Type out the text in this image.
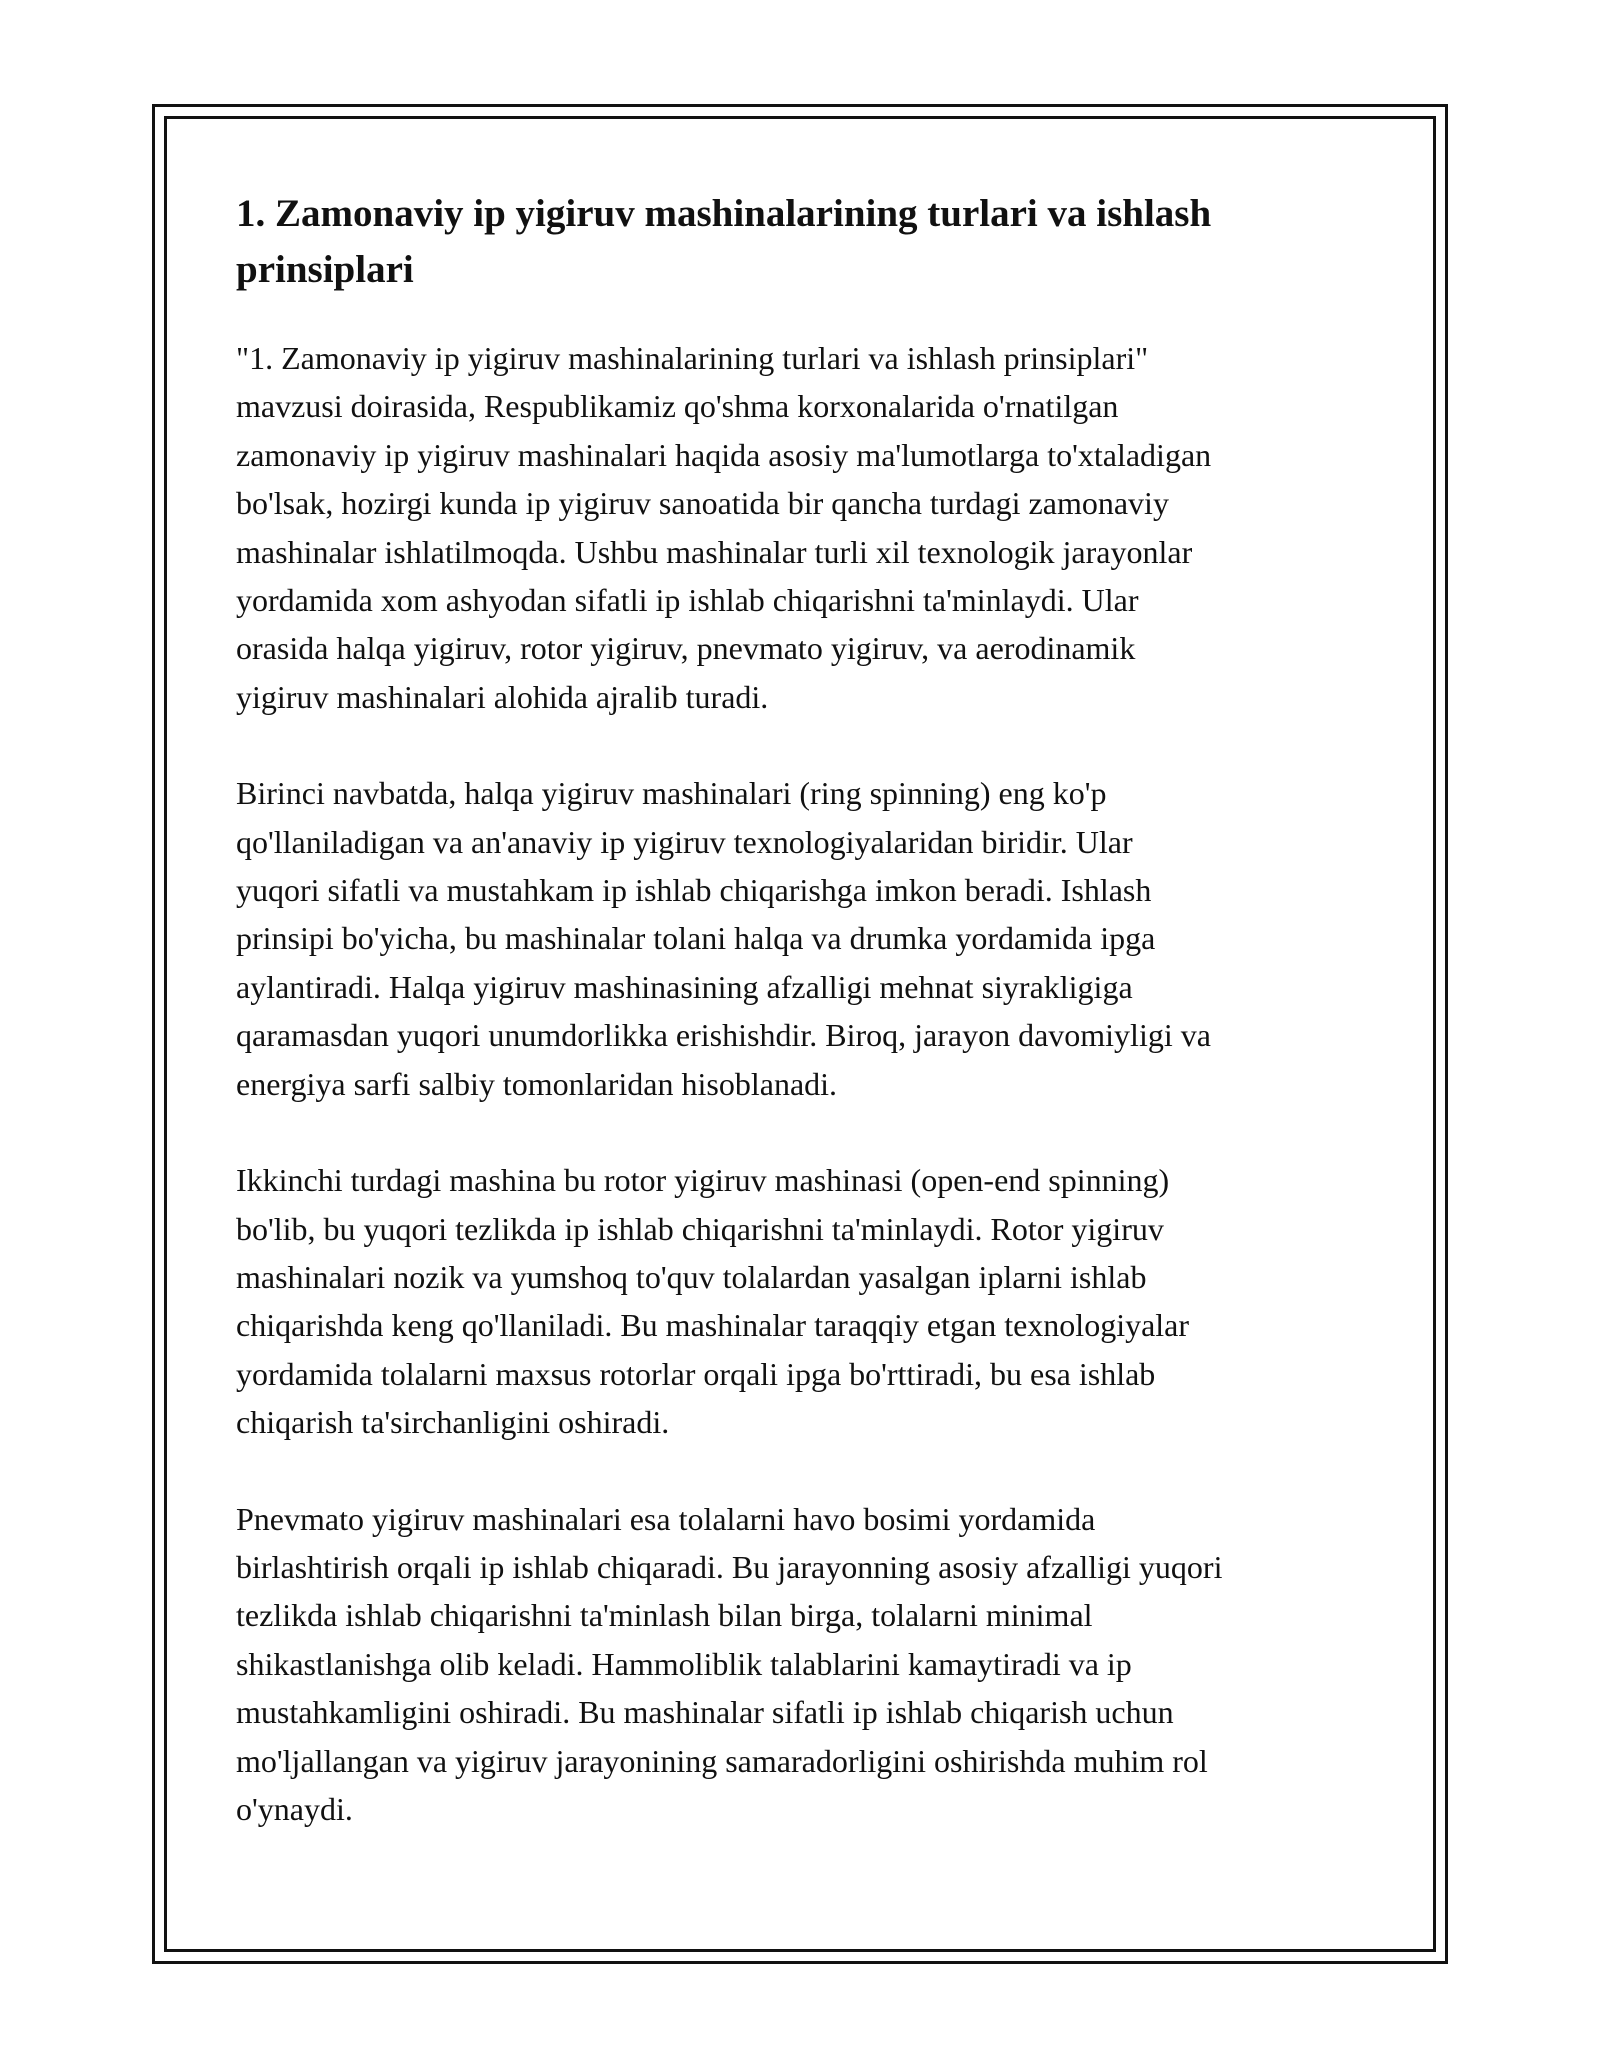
1. Zamonaviy ip yigiruv mashinalarining turlari va ishlash prinsiplari

"1. Zamonaviy ip yigiruv mashinalarining turlari va ishlash prinsiplari"
mavzusi doirasida, Respublikamiz qo'shma korxonalarida o'rnatilgan
zamonaviy ip yigiruv mashinalari haqida asosiy ma'lumotlarga to'xtaladigan
bo'lsak, hozirgi kunda ip yigiruv sanoatida bir qancha turdagi zamonaviy
mashinalar ishlatilmoqda. Ushbu mashinalar turli xil texnologik jarayonlar
yordamida xom ashyodan sifatli ip ishlab chiqarishni ta'minlaydi. Ular
orasida halqa yigiruv, rotor yigiruv, pnevmato yigiruv, va aerodinamik
yigiruv mashinalari alohida ajralib turadi.

Birinci navbatda, halqa yigiruv mashinalari (ring spinning) eng ko'p
qo'llaniladigan va an'anaviy ip yigiruv texnologiyalaridan biridir. Ular
yuqori sifatli va mustahkam ip ishlab chiqarishga imkon beradi. Ishlash
prinsipi bo'yicha, bu mashinalar tolani halqa va drumka yordamida ipga
aylantiradi. Halqa yigiruv mashinasining afzalligi mehnat siyrakligiga
qaramasdan yuqori unumdorlikka erishishdir. Biroq, jarayon davomiyligi va
energiya sarfi salbiy tomonlaridan hisoblanadi.

Ikkinchi turdagi mashina bu rotor yigiruv mashinasi (open-end spinning)
bo'lib, bu yuqori tezlikda ip ishlab chiqarishni ta'minlaydi. Rotor yigiruv
mashinalari nozik va yumshoq to'quv tolalardan yasalgan iplarni ishlab
chiqarishda keng qo'llaniladi. Bu mashinalar taraqqiy etgan texnologiyalar
yordamida tolalarni maxsus rotorlar orqali ipga bo'rttiradi, bu esa ishlab
chiqarish ta'sirchanligini oshiradi.

Pnevmato yigiruv mashinalari esa tolalarni havo bosimi yordamida
birlashtirish orqali ip ishlab chiqaradi. Bu jarayonning asosiy afzalligi yuqori
tezlikda ishlab chiqarishni ta'minlash bilan birga, tolalarni minimal
shikastlanishga olib keladi. Hammoliblik talablarini kamaytiradi va ip
mustahkamligini oshiradi. Bu mashinalar sifatli ip ishlab chiqarish uchun
mo'ljallangan va yigiruv jarayonining samaradorligini oshirishda muhim rol
o'ynaydi.
